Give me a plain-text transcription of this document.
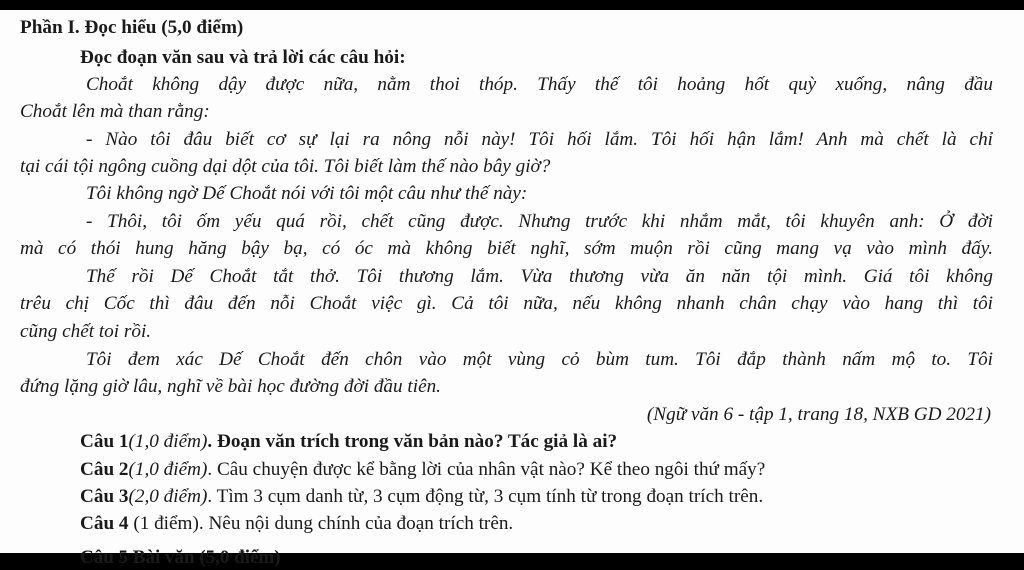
Phần I. Đọc hiểu (5,0 điểm)
Đọc đoạn văn sau và trả lời các câu hỏi:
Choắt không dậy được nữa, nằm thoi thóp. Thấy thế tôi hoảng hốt quỳ xuống, nâng đầu
Choắt lên mà than rằng:
- Nào tôi đâu biết cơ sự lại ra nông nỗi này! Tôi hối lắm. Tôi hối hận lắm! Anh mà chết là chỉ
tại cái tội ngông cuồng dại dột của tôi. Tôi biết làm thế nào bây giờ?
Tôi không ngờ Dế Choắt nói với tôi một câu như thế này:
- Thôi, tôi ốm yếu quá rồi, chết cũng được. Nhưng trước khi nhắm mắt, tôi khuyên anh: Ở đời
mà có thói hung hăng bậy bạ, có óc mà không biết nghĩ, sớm muộn rồi cũng mang vạ vào mình đấy.
Thế rồi Dế Choắt tắt thở. Tôi thương lắm. Vừa thương vừa ăn năn tội mình. Giá tôi không
trêu chị Cốc thì đâu đến nỗi Choắt việc gì. Cả tôi nữa, nếu không nhanh chân chạy vào hang thì tôi
cũng chết toi rồi.
Tôi đem xác Dế Choắt đến chôn vào một vùng cỏ bùm tum. Tôi đắp thành nấm mộ to. Tôi
đứng lặng giờ lâu, nghĩ về bài học đường đời đầu tiên.
(Ngữ văn 6 - tập 1, trang 18, NXB GD 2021)
Câu 1(1,0 điểm). Đoạn văn trích trong văn bản nào? Tác giả là ai?
Câu 2(1,0 điểm). Câu chuyện được kể bằng lời của nhân vật nào? Kể theo ngôi thứ mấy?
Câu 3(2,0 điểm). Tìm 3 cụm danh từ, 3 cụm động từ, 3 cụm tính từ trong đoạn trích trên.
Câu 4 (1 điểm). Nêu nội dung chính của đoạn trích trên.
Câu 5 Bài văn (5,0 điểm)
